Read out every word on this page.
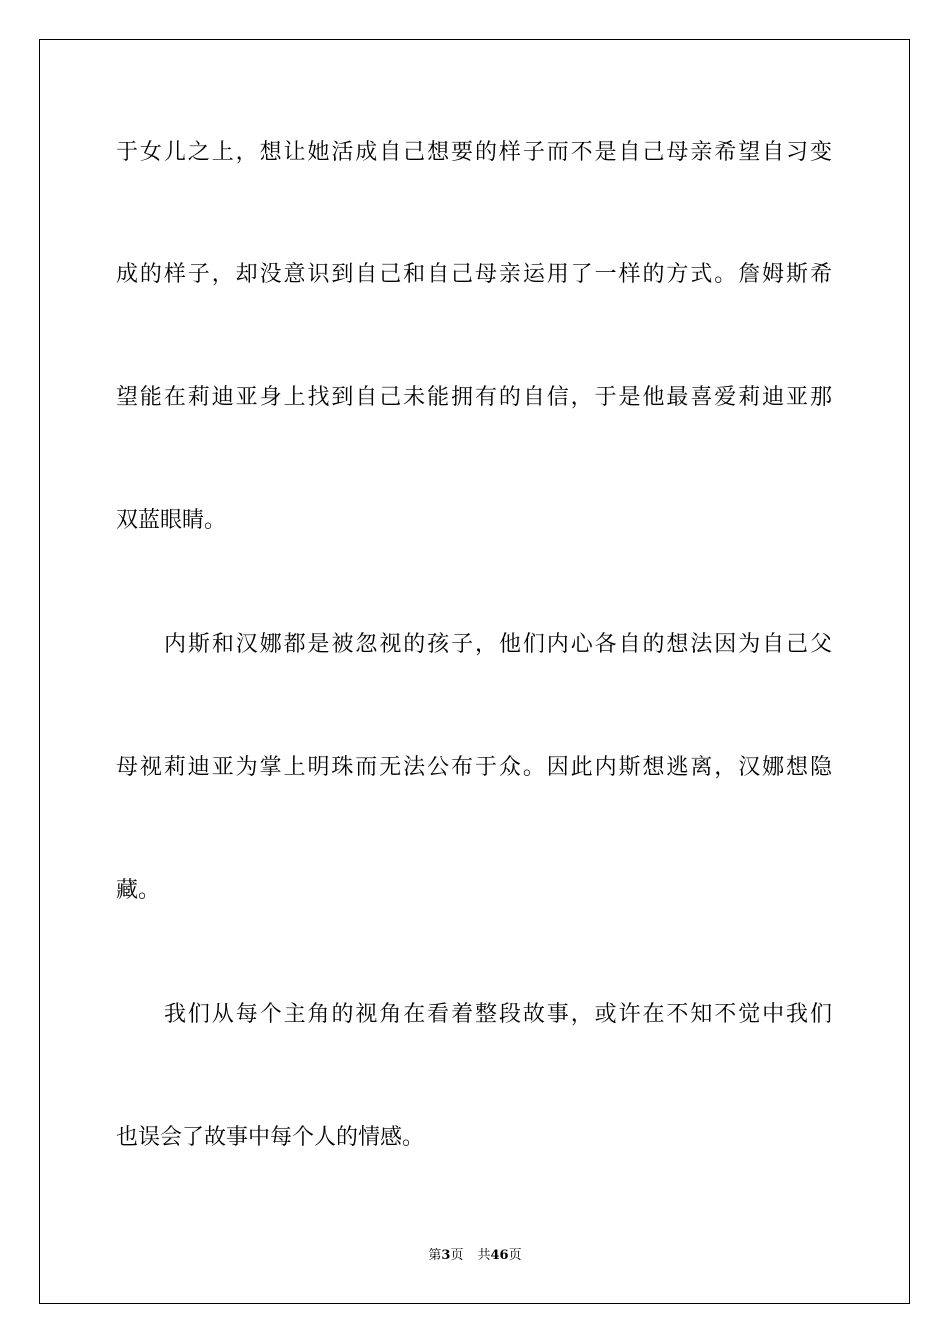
于女儿之上，想让她活成自己想要的样子而不是自己母亲希望自习变
成的样子，却没意识到自己和自己母亲运用了一样的方式。詹姆斯希
望能在莉迪亚身上找到自己未能拥有的自信，于是他最喜爱莉迪亚那
双蓝眼睛。
内斯和汉娜都是被忽视的孩子，他们内心各自的想法因为自己父
母视莉迪亚为掌上明珠而无法公布于众。因此内斯想逃离，汉娜想隐
藏。
我们从每个主角的视角在看着整段故事，或许在不知不觉中我们
也误会了故事中每个人的情感。
第3页 共46页
